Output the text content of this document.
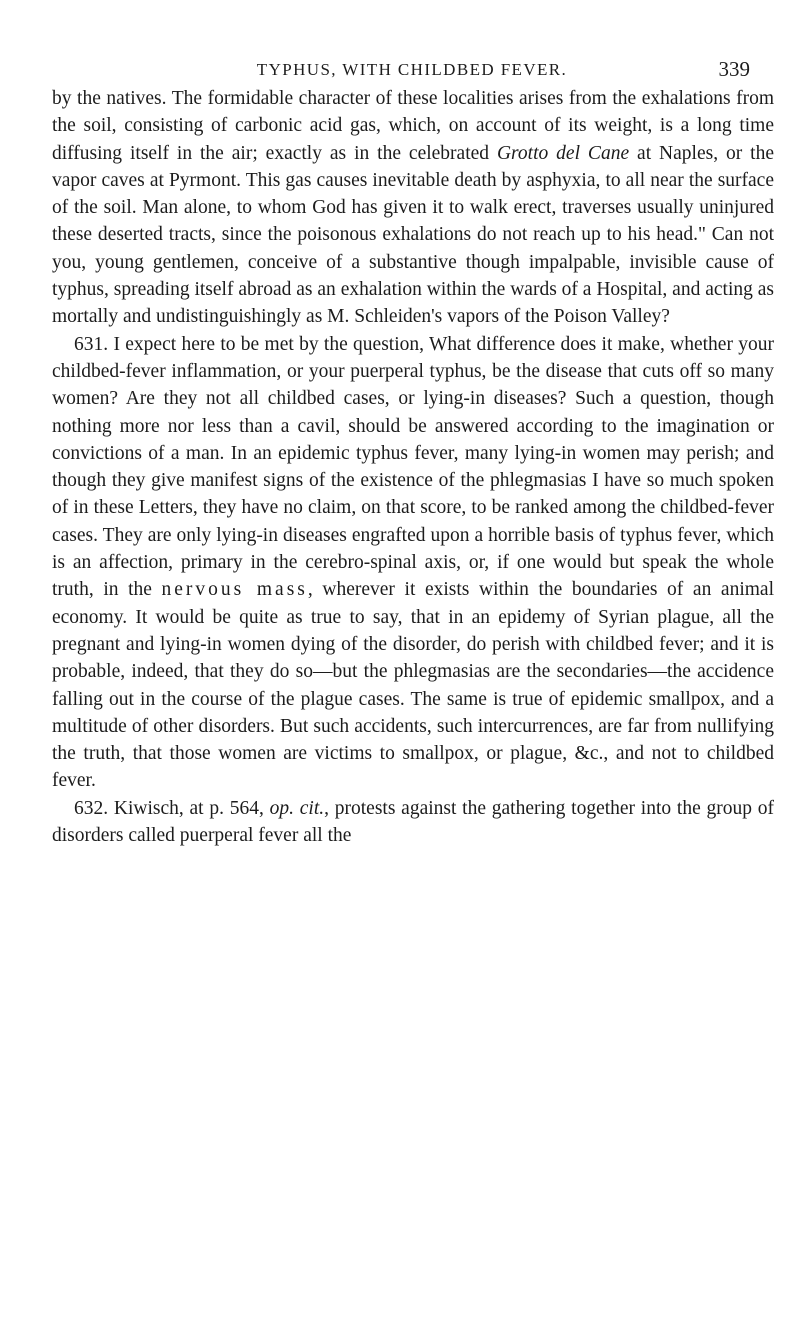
TYPHUS, WITH CHILDBED FEVER.	339

by the natives. The formidable character of these localities arises from the exhalations from the soil, consisting of carbonic acid gas, which, on account of its weight, is a long time diffusing itself in the air; exactly as in the celebrated Grotto del Cane at Naples, or the vapor caves at Pyrmont. This gas causes inevitable death by asphyxia, to all near the surface of the soil. Man alone, to whom God has given it to walk erect, traverses usually uninjured these deserted tracts, since the poisonous exhalations do not reach up to his head." Can not you, young gentlemen, conceive of a substantive though impalpable, invisible cause of typhus, spreading itself abroad as an exhalation within the wards of a Hospital, and acting as mortally and undistinguishingly as M. Schleiden's vapors of the Poison Valley?

631. I expect here to be met by the question, What difference does it make, whether your childbed-fever inflammation, or your puerperal typhus, be the disease that cuts off so many women? Are they not all childbed cases, or lying-in diseases? Such a question, though nothing more nor less than a cavil, should be answered according to the imagination or convictions of a man. In an epidemic typhus fever, many lying-in women may perish; and though they give manifest signs of the existence of the phlegmasias I have so much spoken of in these Letters, they have no claim, on that score, to be ranked among the childbed-fever cases. They are only lying-in diseases engrafted upon a horrible basis of typhus fever, which is an affection, primary in the cerebro-spinal axis, or, if one would but speak the whole truth, in the nervous mass, wherever it exists within the boundaries of an animal economy. It would be quite as true to say, that in an epidemy of Syrian plague, all the pregnant and lying-in women dying of the disorder, do perish with childbed fever; and it is probable, indeed, that they do so—but the phlegmasias are the secondaries—the accidence falling out in the course of the plague cases. The same is true of epidemic smallpox, and a multitude of other disorders. But such accidents, such intercurrences, are far from nullifying the truth, that those women are victims to smallpox, or plague, &c., and not to childbed fever.

632. Kiwisch, at p. 564, op. cit., protests against the gathering together into the group of disorders called puerperal fever all the
